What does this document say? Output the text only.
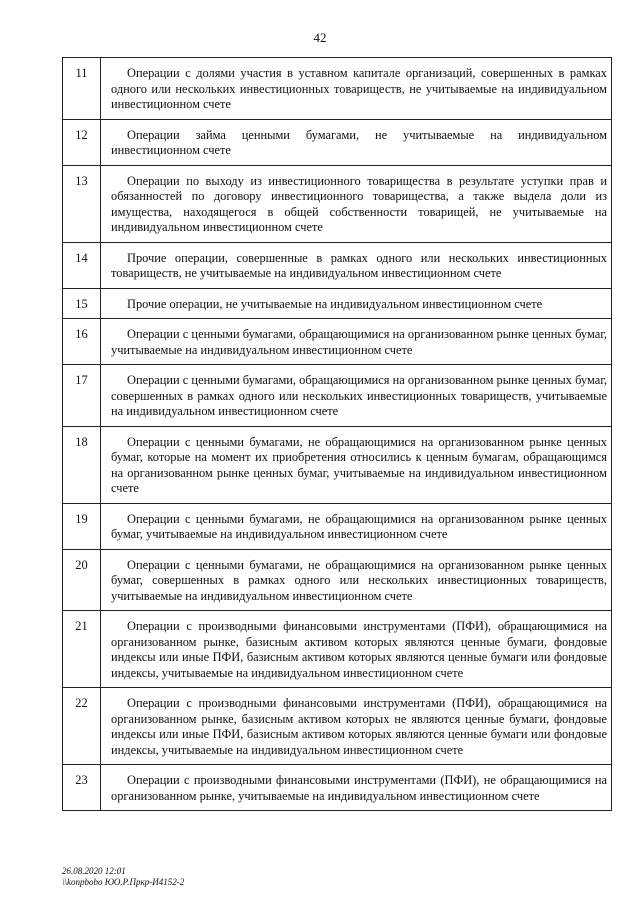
42
11	Операции с долями участия в уставном капитале организаций, совершенных в рамках одного или нескольких инвестиционных товариществ, не учитываемые на индивидуальном инвестиционном счете

12	Операции займа ценными бумагами, не учитываемые на индивидуальном инвестиционном счете

13	Операции по выходу из инвестиционного товарищества в результате уступки прав и обязанностей по договору инвестиционного товарищества, а также выдела доли из имущества, находящегося в общей собственности товарищей, не учитываемые на индивидуальном инвестиционном счете

14	Прочие операции, совершенные в рамках одного или нескольких инвестиционных товариществ, не учитываемые на индивидуальном инвестиционном счете

15	Прочие операции, не учитываемые на индивидуальном инвестиционном счете

16	Операции с ценными бумагами, обращающимися на организованном рынке ценных бумаг, учитываемые на индивидуальном инвестиционном счете

17	Операции с ценными бумагами, обращающимися на организованном рынке ценных бумаг, совершенных в рамках одного или нескольких инвестиционных товариществ, учитываемые на индивидуальном инвестиционном счете

18	Операции с ценными бумагами, не обращающимися на организованном рынке ценных бумаг, которые на момент их приобретения относились к ценным бумагам, обращающимся на организованном рынке ценных бумаг, учитываемые на индивидуальном инвестиционном счете

19	Операции с ценными бумагами, не обращающимися на организованном рынке ценных бумаг, учитываемые на индивидуальном инвестиционном счете

20	Операции с ценными бумагами, не обращающимися на организованном рынке ценных бумаг, совершенных в рамках одного или нескольких инвестиционных товариществ, учитываемые на индивидуальном инвестиционном счете

21	Операции с производными финансовыми инструментами (ПФИ), обращающимися на организованном рынке, базисным активом которых являются ценные бумаги, фондовые индексы или иные ПФИ, базисным активом которых являются ценные бумаги или фондовые индексы, учитываемые на индивидуальном инвестиционном счете

22	Операции с производными финансовыми инструментами (ПФИ), обращающимися на организованном рынке, базисным активом которых не являются ценные бумаги, фондовые индексы или иные ПФИ, базисным активом которых являются ценные бумаги или фондовые индексы, учитываемые на индивидуальном инвестиционном счете

23	Операции с производными финансовыми инструментами (ПФИ), не обращающимися на организованном рынке, учитываемые на индивидуальном инвестиционном счете
26.08.2020 12:01
\\konpbobo ЮО.Р.Пркр-И4152-2
